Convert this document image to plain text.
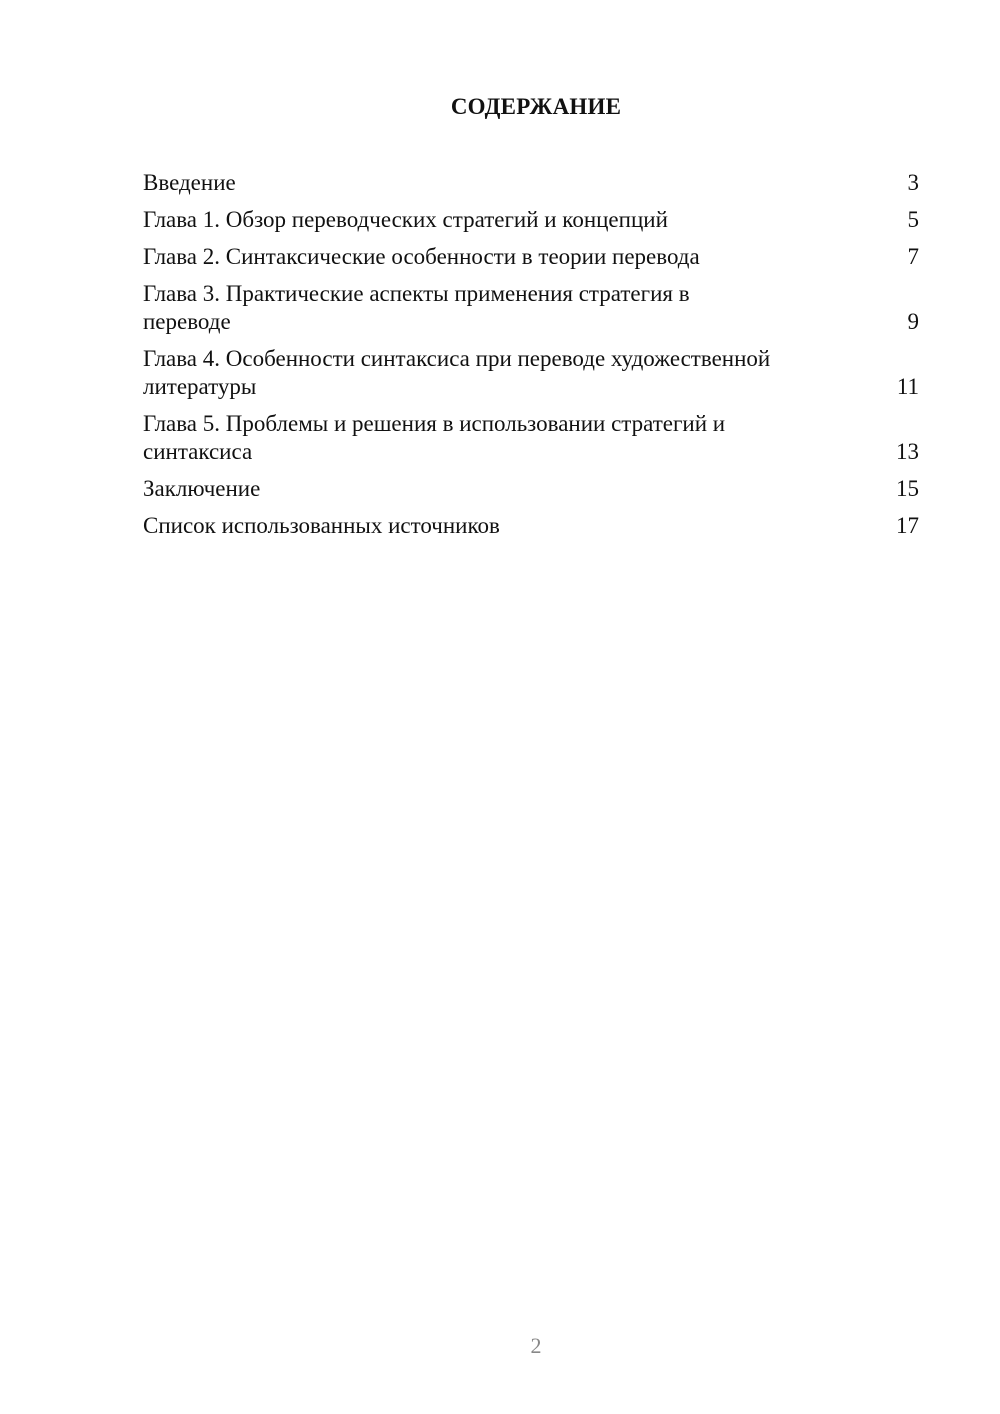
СОДЕРЖАНИЕ
Введение	3
Глава 1. Обзор переводческих стратегий и концепций	5
Глава 2. Синтаксические особенности в теории перевода	7
Глава 3. Практические аспекты применения стратегия в
переводе	9
Глава 4. Особенности синтаксиса при переводе художественной
литературы	11
Глава 5. Проблемы и решения в использовании стратегий и
синтаксиса	13
Заключение	15
Список использованных источников	17
2
